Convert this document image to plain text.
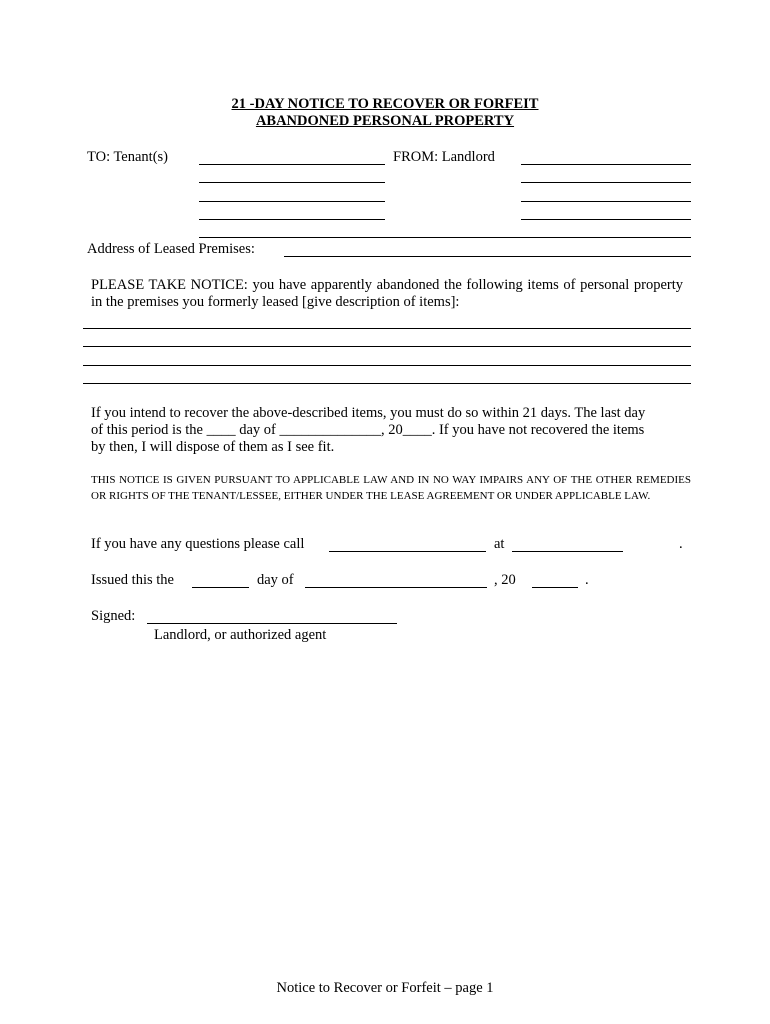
21 -DAY NOTICE TO RECOVER OR FORFEIT
ABANDONED PERSONAL PROPERTY
TO: Tenant(s)	FROM: Landlord
Address of Leased Premises:
PLEASE TAKE NOTICE: you have apparently abandoned the following items of personal property in the premises you formerly leased [give description of items]:
If you intend to recover the above-described items, you must do so within 21 days. The last day
of this period is the ____ day of ______________, 20____. If you have not recovered the items
by then, I will dispose of them as I see fit.
THIS NOTICE IS GIVEN PURSUANT TO APPLICABLE LAW AND IN NO WAY IMPAIRS ANY OF THE OTHER REMEDIES OR RIGHTS OF THE TENANT/LESSEE, EITHER UNDER THE LEASE AGREEMENT OR UNDER APPLICABLE LAW.
If you have any questions please call	at	.
Issued this the	day of	, 20	.
Signed:
Landlord, or authorized agent
Notice to Recover or Forfeit – page 1
